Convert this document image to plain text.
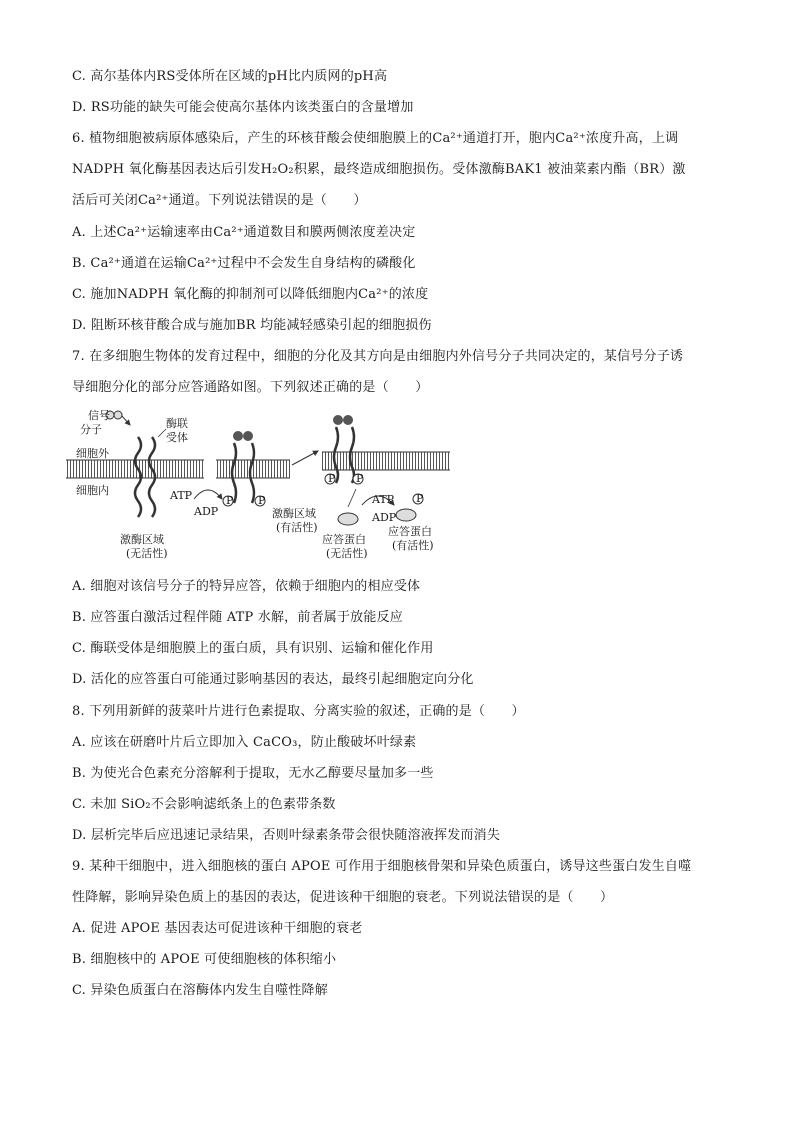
C. 高尔基体内RS受体所在区域的pH比内质网的pH高
D. RS功能的缺失可能会使高尔基体内该类蛋白的含量增加
6. 植物细胞被病原体感染后，产生的环核苷酸会使细胞膜上的Ca²⁺通道打开，胞内Ca²⁺浓度升高，上调
NADPH 氧化酶基因表达后引发H₂O₂积累，最终造成细胞损伤。受体激酶BAK1 被油菜素内酯（BR）激
活后可关闭Ca²⁺通道。下列说法错误的是（　　）
A. 上述Ca²⁺运输速率由Ca²⁺通道数目和膜两侧浓度差决定
B. Ca²⁺通道在运输Ca²⁺过程中不会发生自身结构的磷酸化
C. 施加NADPH 氧化酶的抑制剂可以降低细胞内Ca²⁺的浓度
D. 阻断环核苷酸合成与施加BR 均能减轻感染引起的细胞损伤
7. 在多细胞生物体的发育过程中，细胞的分化及其方向是由细胞内外信号分子共同决定的，某信号分子诱
导细胞分化的部分应答通路如图。下列叙述正确的是（　　）
A. 细胞对该信号分子的特异应答，依赖于细胞内的相应受体
B. 应答蛋白激活过程伴随 ATP 水解，前者属于放能反应
C. 酶联受体是细胞膜上的蛋白质，具有识别、运输和催化作用
D. 活化的应答蛋白可能通过影响基因的表达，最终引起细胞定向分化
8. 下列用新鲜的菠菜叶片进行色素提取、分离实验的叙述，正确的是（　　）
A. 应该在研磨叶片后立即加入 CaCO₃，防止酸破坏叶绿素
B. 为使光合色素充分溶解利于提取，无水乙醇要尽量加多一些
C. 未加 SiO₂不会影响滤纸条上的色素带条数
D. 层析完毕后应迅速记录结果，否则叶绿素条带会很快随溶液挥发而消失
9. 某种干细胞中，进入细胞核的蛋白 APOE 可作用于细胞核骨架和异染色质蛋白，诱导这些蛋白发生自噬
性降解，影响异染色质上的基因的表达，促进该种干细胞的衰老。下列说法错误的是（　　）
A. 促进 APOE 基因表达可促进该种干细胞的衰老
B. 细胞核中的 APOE 可使细胞核的体积缩小
C. 异染色质蛋白在溶酶体内发生自噬性降解
信号
分子	酶联
受体
细胞外
细胞内	ATP
ADP
P P
P P
P
激酶区域
(无活性)
激酶区域
(有活性)
ATP
ADP
应答蛋白
(无活性)
应答蛋白
(有活性)
